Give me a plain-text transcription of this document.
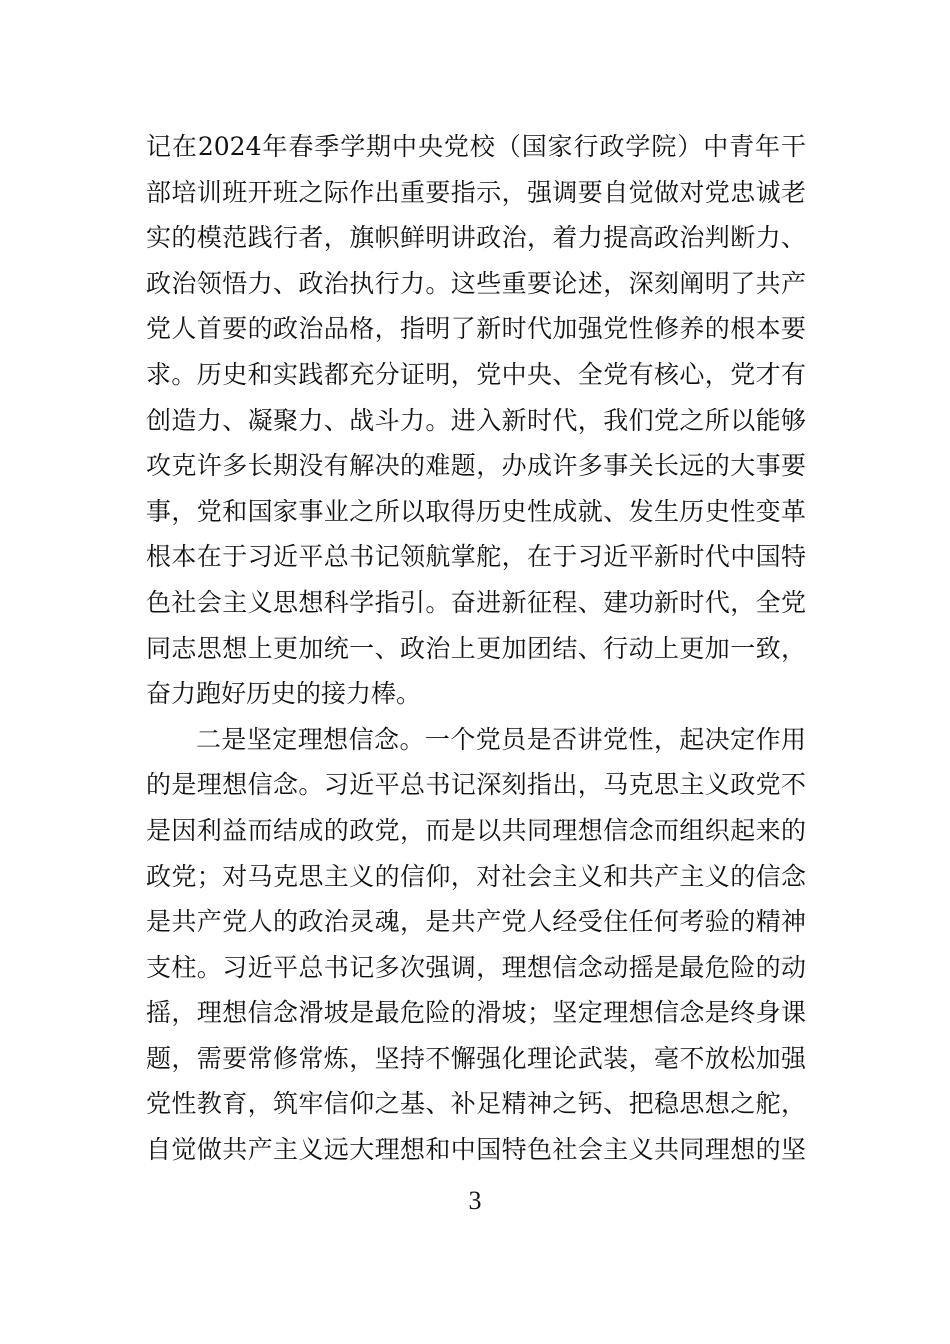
记在2024年春季学期中央党校（国家行政学院）中青年干
部培训班开班之际作出重要指示，强调要自觉做对党忠诚老
实的模范践行者，旗帜鲜明讲政治，着力提高政治判断力、
政治领悟力、政治执行力。这些重要论述，深刻阐明了共产
党人首要的政治品格，指明了新时代加强党性修养的根本要
求。历史和实践都充分证明，党中央、全党有核心，党才有
创造力、凝聚力、战斗力。进入新时代，我们党之所以能够
攻克许多长期没有解决的难题，办成许多事关长远的大事要
事，党和国家事业之所以取得历史性成就、发生历史性变革
根本在于习近平总书记领航掌舵，在于习近平新时代中国特
色社会主义思想科学指引。奋进新征程、建功新时代，全党
同志思想上更加统一、政治上更加团结、行动上更加一致，
奋力跑好历史的接力棒。
二是坚定理想信念。一个党员是否讲党性，起决定作用
的是理想信念。习近平总书记深刻指出，马克思主义政党不
是因利益而结成的政党，而是以共同理想信念而组织起来的
政党；对马克思主义的信仰，对社会主义和共产主义的信念
是共产党人的政治灵魂，是共产党人经受住任何考验的精神
支柱。习近平总书记多次强调，理想信念动摇是最危险的动
摇，理想信念滑坡是最危险的滑坡；坚定理想信念是终身课
题，需要常修常炼，坚持不懈强化理论武装，毫不放松加强
党性教育，筑牢信仰之基、补足精神之钙、把稳思想之舵，
自觉做共产主义远大理想和中国特色社会主义共同理想的坚
3
